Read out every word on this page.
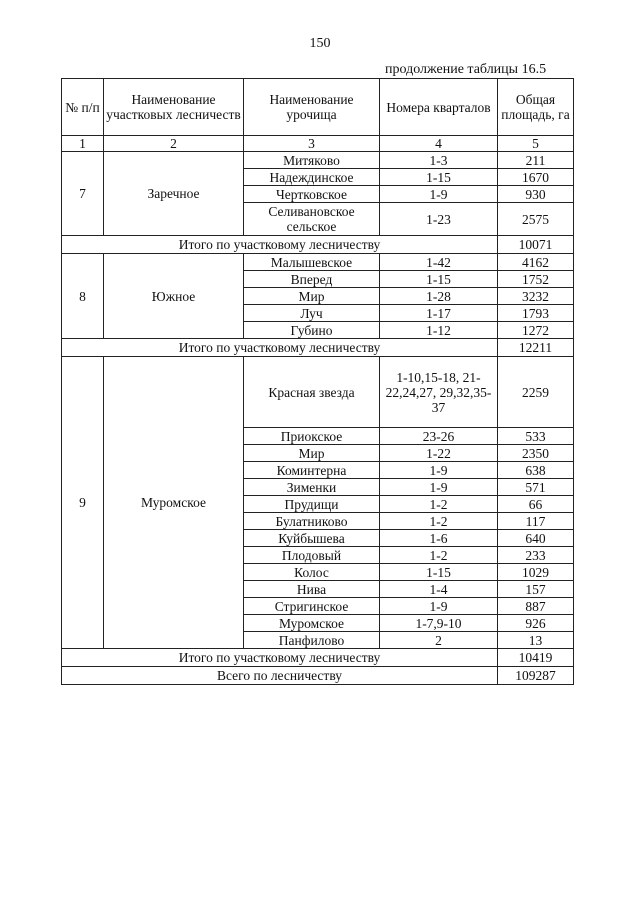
150
продолжение таблицы 16.5
№ п/п	Наименование участковых лесничеств	Наименование урочища	Номера кварталов	Общая площадь, га
1	2	3	4	5
7	Заречное	Митяково	1-3	211
		Надеждинское	1-15	1670
		Чертковское	1-9	930
		Селивановское сельское	1-23	2575
Итого по участковому лесничеству				10071
8	Южное	Малышевское	1-42	4162
		Вперед	1-15	1752
		Мир	1-28	3232
		Луч	1-17	1793
		Губино	1-12	1272
Итого по участковому лесничеству				12211
9	Муромское	Красная звезда	1-10,15-18, 21-22,24,27, 29,32,35-37	2259
		Приокское	23-26	533
		Мир	1-22	2350
		Коминтерна	1-9	638
		Зименки	1-9	571
		Прудищи	1-2	66
		Булатниково	1-2	117
		Куйбышева	1-6	640
		Плодовый	1-2	233
		Колос	1-15	1029
		Нива	1-4	157
		Стригинское	1-9	887
		Муромское	1-7,9-10	926
		Панфилово	2	13
Итого по участковому лесничеству				10419
Всего по лесничеству				109287
